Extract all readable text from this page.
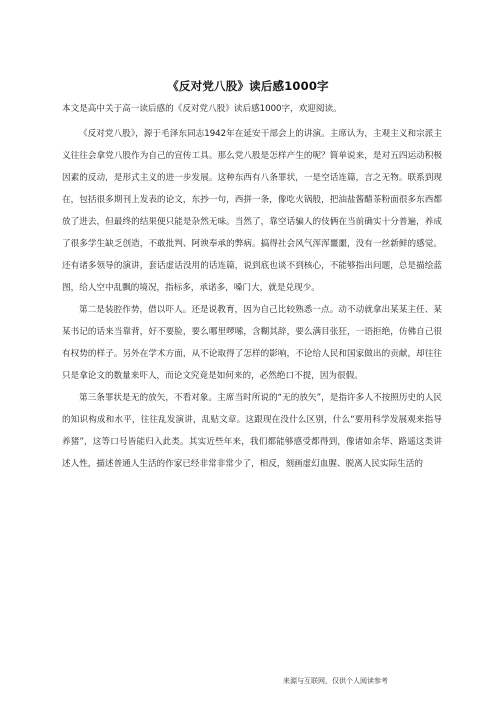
《反对党八股》读后感1000字
本文是高中关于高一读后感的《反对党八股》读后感1000字，欢迎阅读。

《反对党八股》，源于毛泽东同志1942年在延安干部会上的讲演。主席认为，主观主义和宗派主义往往会拿党八股作为自己的宣传工具。那么党八股是怎样产生的呢？简单说来，是对五四运动积极因素的反动，是形式主义的进一步发展。这种东西有八条罪状，一是空话连篇，言之无物。联系到现在，包括很多期刊上发表的论文，东抄一句，西拼一条，像吃火锅般，把油盐酱醋茶粉面很多东西都放了进去，但最终的结果便只能是杂然无味。当然了，靠空话骗人的伎俩在当前确实十分普遍，养成了很多学生缺乏创造，不敢批判、阿谀奉承的弊病。搞得社会风气浑浑噩噩，没有一丝新鲜的感觉。还有诸多领导的演讲，套话虚话没用的话连篇，说到底也谈不到核心，不能够指出问题，总是描绘蓝图，给人空中乱飘的境况，指标多，承诺多，嗓门大，就是兑现少。

第二是装腔作势，借以吓人。还是说教育，因为自己比较熟悉一点。动不动就拿出某某主任、某某书记的话来当靠背，好不要脸，要么哪里啰嗦，含糊其辞，要么满目张狂，一语拒绝，仿佛自己很有权势的样子。另外在学术方面，从不论取得了怎样的影响，不论给人民和国家做出的贡献，却往往只是拿论文的数量来吓人，而论文究竟是如何来的，必然绝口不提，因为很假。

第三条罪状是无的放矢，不看对象。主席当时所说的“无的放矢”，是指许多人不按照历史的人民的知识构成和水平，往往乱发演讲，乱贴文章。这跟现在没什么区别，什么“要用科学发展观来指导养猪”，这等口号皆能归入此类。其实近些年来，我们都能够感受都得到，像诸如余华、路遥这类讲述人性，描述普通人生活的作家已经非常非常少了，相反，刻画虚幻血腥、脱离人民实际生活的

来源与互联网，仅供个人阅读参考
